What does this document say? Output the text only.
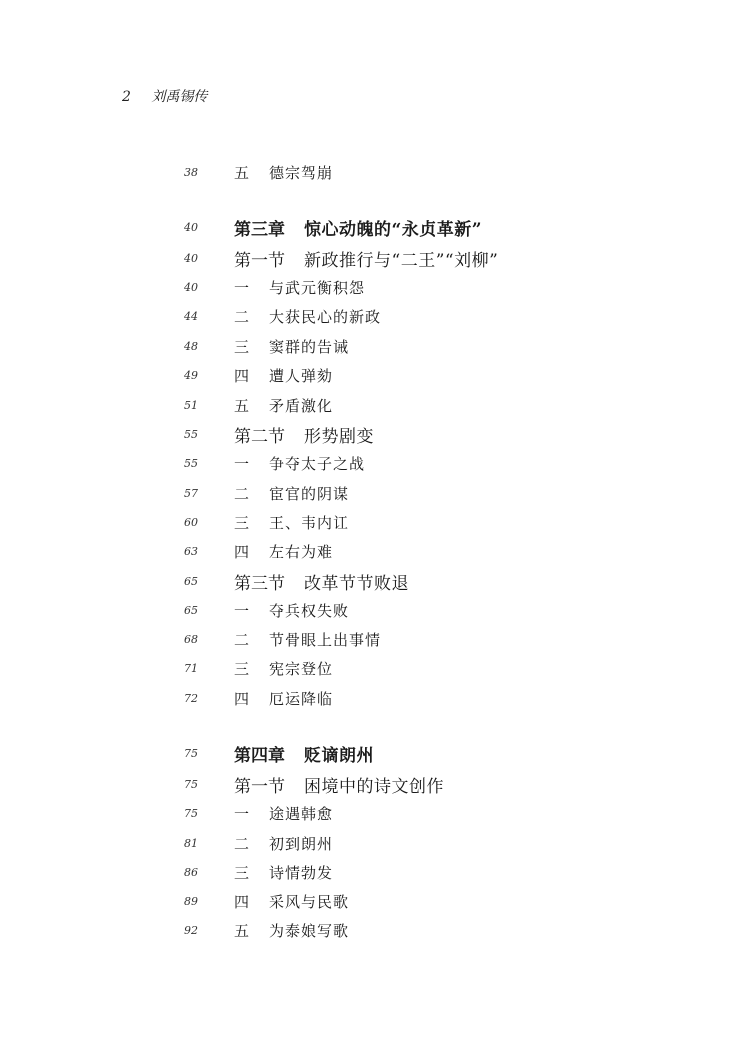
2 刘禹锡传
38	五 德宗驾崩
40	第三章 惊心动魄的“永贞革新”
40	第一节 新政推行与“二王”“刘柳”
40	一 与武元衡积怨
44	二 大获民心的新政
48	三 窦群的告诫
49	四 遭人弹劾
51	五 矛盾激化
55	第二节 形势剧变
55	一 争夺太子之战
57	二 宦官的阴谋
60	三 王、韦内讧
63	四 左右为难
65	第三节 改革节节败退
65	一 夺兵权失败
68	二 节骨眼上出事情
71	三 宪宗登位
72	四 厄运降临
75	第四章 贬谪朗州
75	第一节 困境中的诗文创作
75	一 途遇韩愈
81	二 初到朗州
86	三 诗情勃发
89	四 采风与民歌
92	五 为泰娘写歌
